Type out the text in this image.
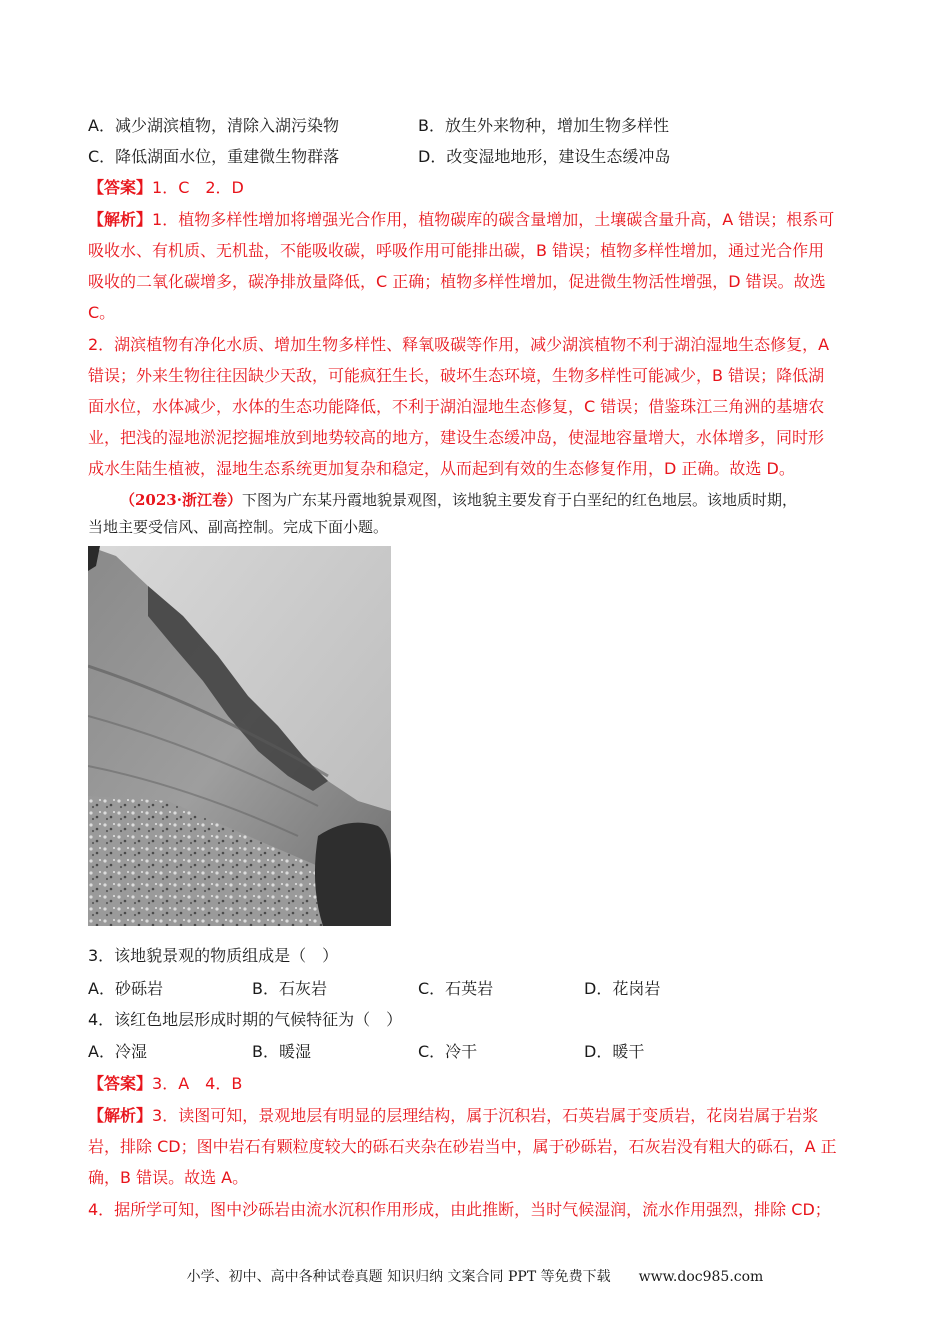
A．减少湖滨植物，清除入湖污染物	B．放生外来物种，增加生物多样性
C．降低湖面水位，重建微生物群落	D．改变湿地地形，建设生态缓冲岛
【答案】1．C　2．D
【解析】1．植物多样性增加将增强光合作用，植物碳库的碳含量增加，土壤碳含量升高，A 错误；根系可
吸收水、有机质、无机盐，不能吸收碳，呼吸作用可能排出碳，B 错误；植物多样性增加，通过光合作用
吸收的二氧化碳增多，碳净排放量降低，C 正确；植物多样性增加，促进微生物活性增强，D 错误。故选
C。
2．湖滨植物有净化水质、增加生物多样性、释氧吸碳等作用，减少湖滨植物不利于湖泊湿地生态修复，A
错误；外来生物往往因缺少天敌，可能疯狂生长，破坏生态环境，生物多样性可能减少，B 错误；降低湖
面水位，水体减少，水体的生态功能降低，不利于湖泊湿地生态修复，C 错误；借鉴珠江三角洲的基塘农
业，把浅的湿地淤泥挖掘堆放到地势较高的地方，建设生态缓冲岛，使湿地容量增大，水体增多，同时形
成水生陆生植被，湿地生态系统更加复杂和稳定，从而起到有效的生态修复作用，D 正确。故选 D。
（2023·浙江卷）下图为广东某丹霞地貌景观图，该地貌主要发育于白垩纪的红色地层。该地质时期，
当地主要受信风、副高控制。完成下面小题。
3．该地貌景观的物质组成是（　）
A．砂砾岩	B．石灰岩	C．石英岩	D．花岗岩
4．该红色地层形成时期的气候特征为（　）
A．冷湿	B．暖湿	C．冷干	D．暖干
【答案】3．A　4．B
【解析】3．读图可知，景观地层有明显的层理结构，属于沉积岩，石英岩属于变质岩，花岗岩属于岩浆
岩，排除 CD；图中岩石有颗粒度较大的砾石夹杂在砂岩当中，属于砂砾岩，石灰岩没有粗大的砾石，A 正
确，B 错误。故选 A。
4．据所学可知，图中沙砾岩由流水沉积作用形成，由此推断，当时气候湿润，流水作用强烈，排除 CD；
小学、初中、高中各种试卷真题 知识归纳 文案合同 PPT 等免费下载　　www.doc985.com
